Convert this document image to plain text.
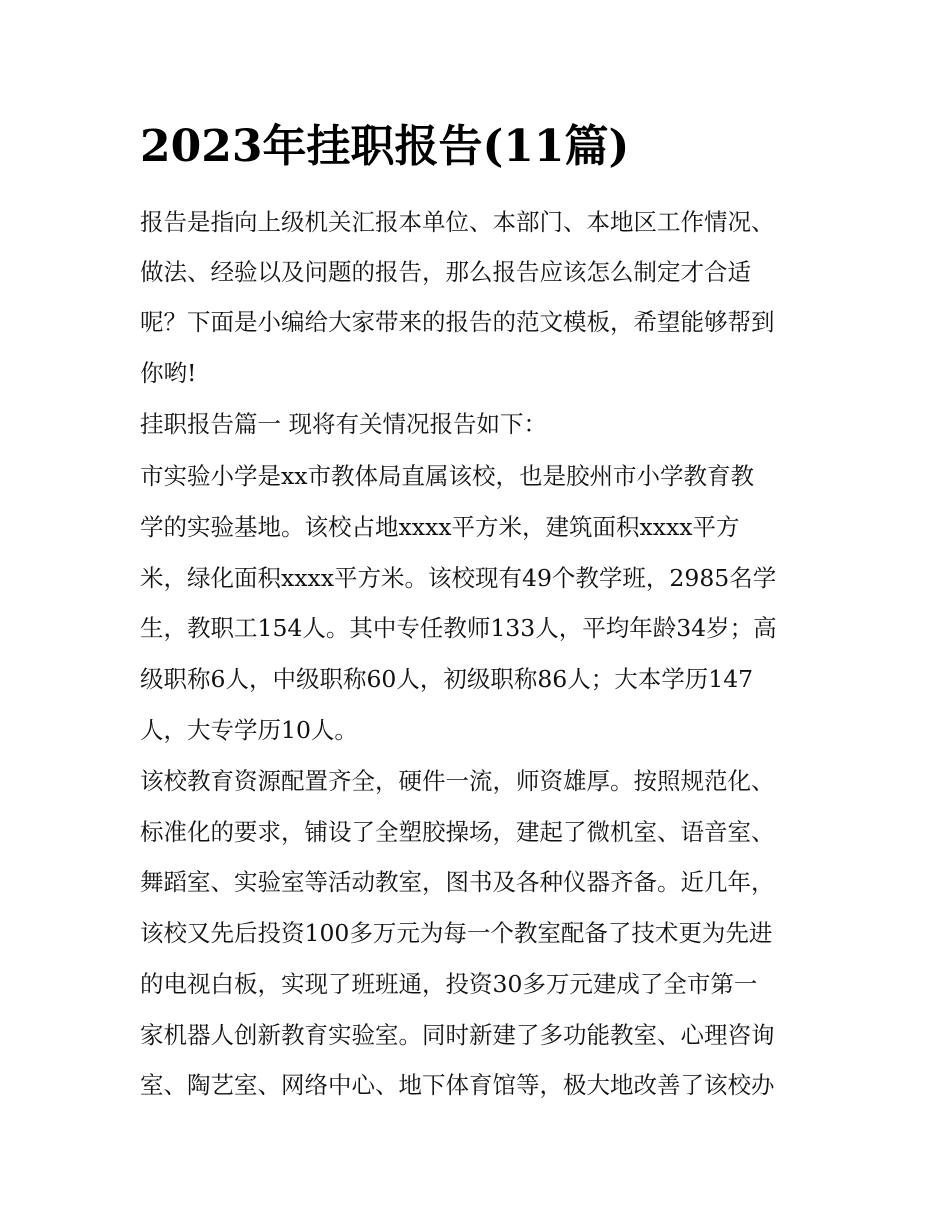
2023年挂职报告(11篇)

报告是指向上级机关汇报本单位、本部门、本地区工作情况、

做法、经验以及问题的报告，那么报告应该怎么制定才合适

呢？下面是小编给大家带来的报告的范文模板，希望能够帮到

你哟!

挂职报告篇一 现将有关情况报告如下：

市实验小学是xx市教体局直属该校，也是胶州市小学教育教

学的实验基地。该校占地xxxx平方米，建筑面积xxxx平方

米，绿化面积xxxx平方米。该校现有49个教学班，2985名学

生，教职工154人。其中专任教师133人，平均年龄34岁；高

级职称6人，中级职称60人，初级职称86人；大本学历147

人，大专学历10人。

该校教育资源配置齐全，硬件一流，师资雄厚。按照规范化、

标准化的要求，铺设了全塑胶操场，建起了微机室、语音室、

舞蹈室、实验室等活动教室，图书及各种仪器齐备。近几年，

该校又先后投资100多万元为每一个教室配备了技术更为先进

的电视白板，实现了班班通，投资30多万元建成了全市第一

家机器人创新教育实验室。同时新建了多功能教室、心理咨询

室、陶艺室、网络中心、地下体育馆等，极大地改善了该校办
